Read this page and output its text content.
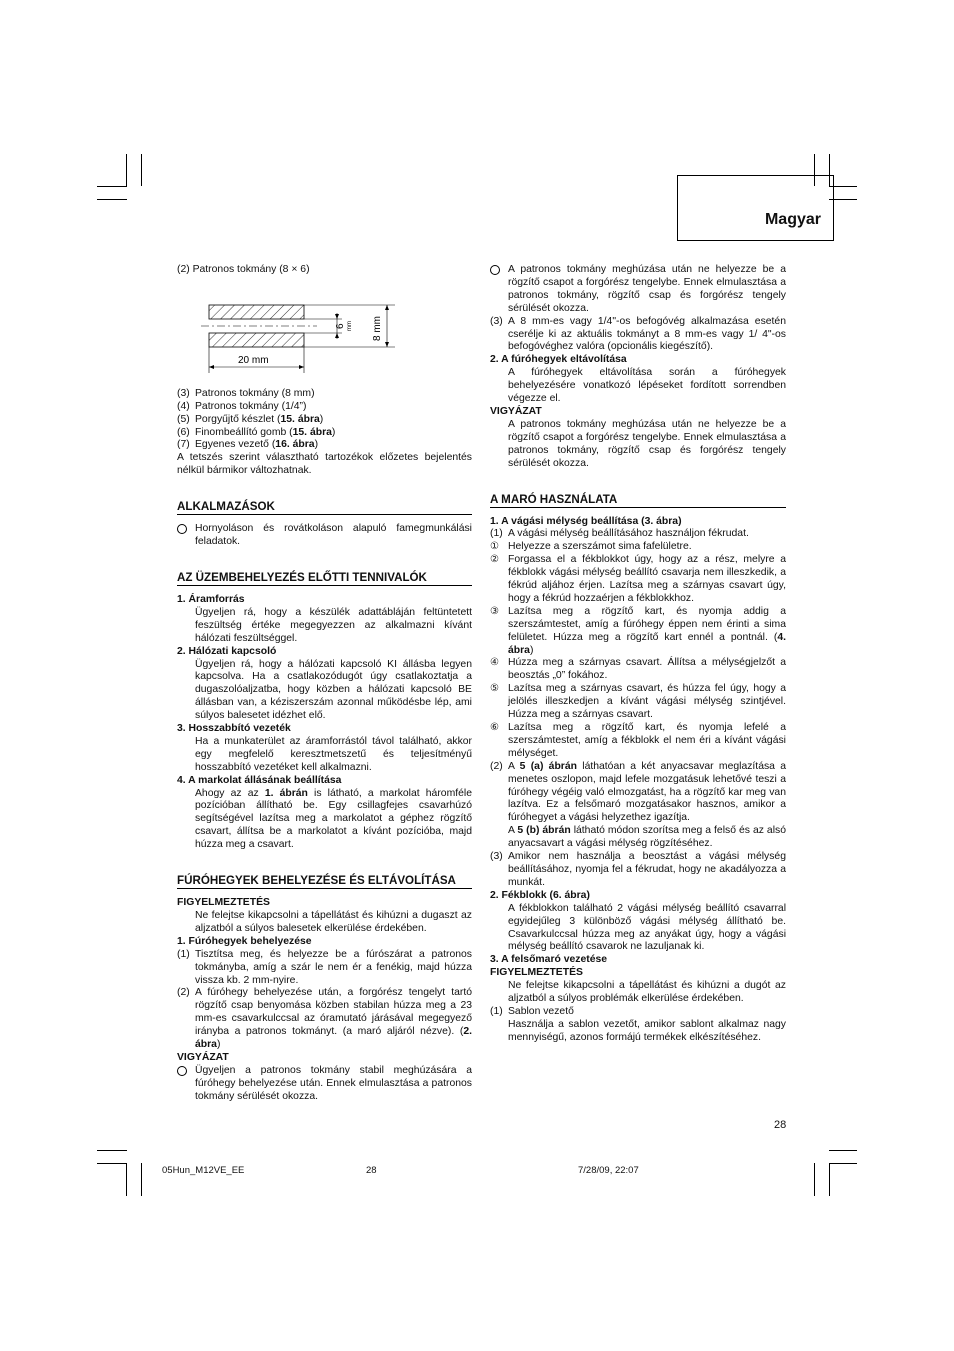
Magyar

(2) Patronos tokmány (8 × 6)

6 mm 8 mm
20 mm
(3) Patronos tokmány (8 mm)
(4) Patronos tokmány (1/4”)
(5) Porgyűjtő készlet (15. ábra)
(6) Finombeállító gomb (15. ábra)
(7) Egyenes vezető (16. ábra)

A tetszés szerint választható tartozékok előzetes bejelentés nélkül bármikor változhatnak.

ALKALMAZÁSOK
Hornyoláson és rovátkoláson alapuló famegmunkálási feladatok.
AZ ÜZEMBEHELYEZÉS ELŐTTI TENNIVALÓK

1. Áramforrás

Ügyeljen rá, hogy a készülék adattábláján feltüntetett feszültség értéke megegyezzen az alkalmazni kívánt hálózati feszültséggel.

2. Hálózati kapcsoló

Ügyeljen rá, hogy a hálózati kapcsoló KI állásba legyen kapcsolva. Ha a csatlakozódugót úgy csatlakoztatja a dugaszolóaljzatba, hogy közben a hálózati kapcsoló BE állásban van, a kéziszerszám azonnal működésbe lép, ami súlyos balesetet idézhet elő.

3. Hosszabbító vezeték

Ha a munkaterület az áramforrástól távol található, akkor egy megfelelő keresztmetszetű és teljesítményű hosszabbító vezetéket kell alkalmazni.

4. A markolat állásának beállítása

Ahogy az az 1. ábrán is látható, a markolat háromféle pozícióban állítható be. Egy csillagfejes csavarhúzó segítségével lazítsa meg a markolatot a géphez rögzítő csavart, állítsa be a markolatot a kívánt pozícióba, majd húzza meg a csavart.

FÚRÓHEGYEK BEHELYEZÉSE ÉS ELTÁVOLÍTÁSA

FIGYELMEZTETÉS

Ne felejtse kikapcsolni a tápellátást és kihúzni a dugaszt az aljzatból a súlyos balesetek elkerülése érdekében.

1. Fúróhegyek behelyezése

(1) Tisztítsa meg, és helyezze be a fúrószárat a patronos tokmányba, amíg a szár le nem ér a fenékig, majd húzza vissza kb. 2 mm-nyire.
(2) A fúróhegy behelyezése után, a forgórész tengelyt tartó rögzítő csap benyomása közben stabilan húzza meg a 23 mm-es csavarkulccsal az óramutató járásával megegyező irányba a patronos tokmányt. (a maró aljáról nézve). (2. ábra)

VIGYÁZAT

Ügyeljen a patronos tokmány stabil meghúzására a fúróhegy behelyezése után. Ennek elmulasztása a patronos tokmány sérülését okozza.
A patronos tokmány meghúzása után ne helyezze be a rögzítő csapot a forgórész tengelybe. Ennek elmulasztása a patronos tokmány, rögzítő csap és forgórész tengely sérülését okozza.
(3) A 8 mm-es vagy 1/4"-os befogóvég alkalmazása esetén cserélje ki az aktuális tokmányt a 8 mm-es vagy 1/ 4"-os befogóvéghez valóra (opcionális kiegészítő).

2. A fúróhegyek eltávolítása

A fúróhegyek eltávolítása során a fúróhegyek behelyezésére vonatkozó lépéseket fordított sorrendben végezze el.

VIGYÁZAT

A patronos tokmány meghúzása után ne helyezze be a rögzítő csapot a forgórész tengelybe. Ennek elmulasztása a patronos tokmány, rögzítő csap és forgórész tengely sérülését okozza.

A MARÓ HASZNÁLATA

1. A vágási mélység beállítása (3. ábra)

(1) A vágási mélység beállításához használjon fékrudat.
① Helyezze a szerszámot sima fafelületre.
② Forgassa el a fékblokkot úgy, hogy az a rész, melyre a fékblokk vágási mélység beállító csavarja nem illeszkedik, a fékrúd aljához érjen. Lazítsa meg a szárnyas csavart úgy, hogy a fékrúd hozzaérjen a fékblokkhoz.
③ Lazítsa meg a rögzítő kart, és nyomja addig a szerszámtestet, amíg a fúróhegy éppen nem érinti a sima felületet. Húzza meg a rögzítő kart ennél a pontnál. (4. ábra)
④ Húzza meg a szárnyas csavart. Állítsa a mélységjelzőt a beosztás „0” fokához.
⑤ Lazítsa meg a szárnyas csavart, és húzza fel úgy, hogy a jelölés illeszkedjen a kívánt vágási mélység szintjével. Húzza meg a szárnyas csavart.
⑥ Lazítsa meg a rögzítő kart, és nyomja lefelé a szerszámtestet, amíg a fékblokk el nem éri a kívánt vágási mélységet.
(2) A 5 (a) ábrán láthatóan a két anyacsavar meglazítása a menetes oszlopon, majd lefele mozgatásuk lehetővé teszi a fúróhegy végéig való elmozgatást, ha a rögzítő kar meg van lazítva. Ez a felsőmaró mozgatásakor hasznos, amikor a fúróhegyet a vágási helyzethez igazítja.

A 5 (b) ábrán látható módon szorítsa meg a felső és az alsó anyacsavart a vágási mélység rögzítéséhez.

(3) Amikor nem használja a beosztást a vágási mélység beállításához, nyomja fel a fékrudat, hogy ne akadályozza a munkát.

2. Fékblokk (6. ábra)

A fékblokkon található 2 vágási mélység beállító csavarral egyidejűleg 3 különböző vágási mélység állítható be. Csavarkulccsal húzza meg az anyákat úgy, hogy a vágási mélység beállító csavarok ne lazuljanak ki.

3. A felsőmaró vezetése

FIGYELMEZTETÉS

Ne felejtse kikapcsolni a tápellátást és kihúzni a dugót az aljzatból a súlyos problémák elkerülése érdekében.

(1) Sablon vezető

Használja a sablon vezetőt, amikor sablont alkalmaz nagy mennyiségű, azonos formájú termékek elkészítéséhez.

28
05Hun_M12VE_EE	28	7/28/09, 22:07
